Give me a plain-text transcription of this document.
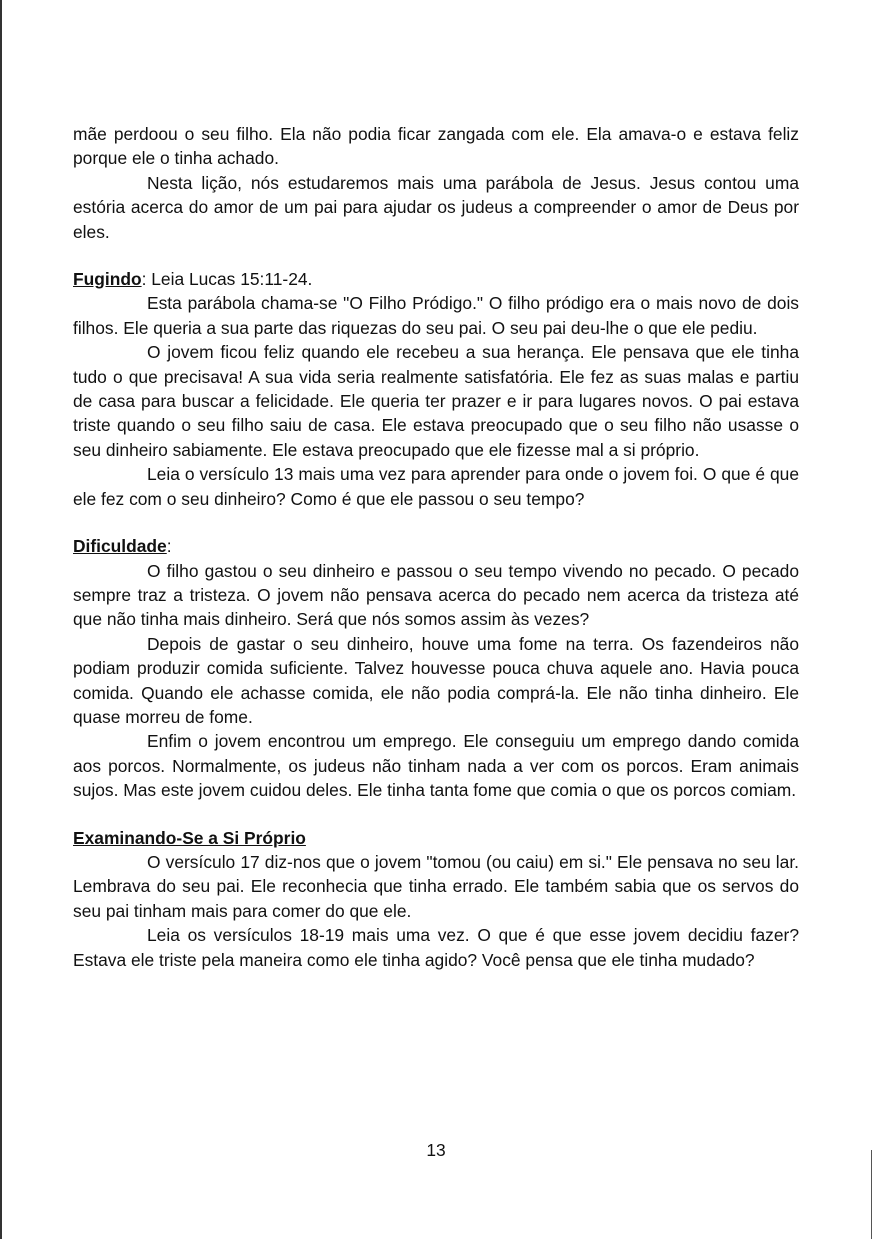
mãe perdoou o seu filho. Ela não podia ficar zangada com ele. Ela amava-o e estava feliz porque ele o tinha achado.

Nesta lição, nós estudaremos mais uma parábola de Jesus. Jesus contou uma estória acerca do amor de um pai para ajudar os judeus a compreender o amor de Deus por eles.

Fugindo: Leia Lucas 15:11-24.

Esta parábola chama-se "O Filho Pródigo." O filho pródigo era o mais novo de dois filhos. Ele queria a sua parte das riquezas do seu pai. O seu pai deu-lhe o que ele pediu.

O jovem ficou feliz quando ele recebeu a sua herança. Ele pensava que ele tinha tudo o que precisava! A sua vida seria realmente satisfatória. Ele fez as suas malas e partiu de casa para buscar a felicidade. Ele queria ter prazer e ir para lugares novos. O pai estava triste quando o seu filho saiu de casa. Ele estava preocupado que o seu filho não usasse o seu dinheiro sabiamente. Ele estava preocupado que ele fizesse mal a si próprio.

Leia o versículo 13 mais uma vez para aprender para onde o jovem foi. O que é que ele fez com o seu dinheiro? Como é que ele passou o seu tempo?

Dificuldade:

O filho gastou o seu dinheiro e passou o seu tempo vivendo no pecado. O pecado sempre traz a tristeza. O jovem não pensava acerca do pecado nem acerca da tristeza até que não tinha mais dinheiro. Será que nós somos assim às vezes?

Depois de gastar o seu dinheiro, houve uma fome na terra. Os fazendeiros não podiam produzir comida suficiente. Talvez houvesse pouca chuva aquele ano. Havia pouca comida. Quando ele achasse comida, ele não podia comprá-la. Ele não tinha dinheiro. Ele quase morreu de fome.

Enfim o jovem encontrou um emprego. Ele conseguiu um emprego dando comida aos porcos. Normalmente, os judeus não tinham nada a ver com os porcos. Eram animais sujos. Mas este jovem cuidou deles. Ele tinha tanta fome que comia o que os porcos comiam.

Examinando-Se a Si Próprio

O versículo 17 diz-nos que o jovem "tomou (ou caiu) em si." Ele pensava no seu lar. Lembrava do seu pai. Ele reconhecia que tinha errado. Ele também sabia que os servos do seu pai tinham mais para comer do que ele.

Leia os versículos 18-19 mais uma vez. O que é que esse jovem decidiu fazer? Estava ele triste pela maneira como ele tinha agido? Você pensa que ele tinha mudado?

13
